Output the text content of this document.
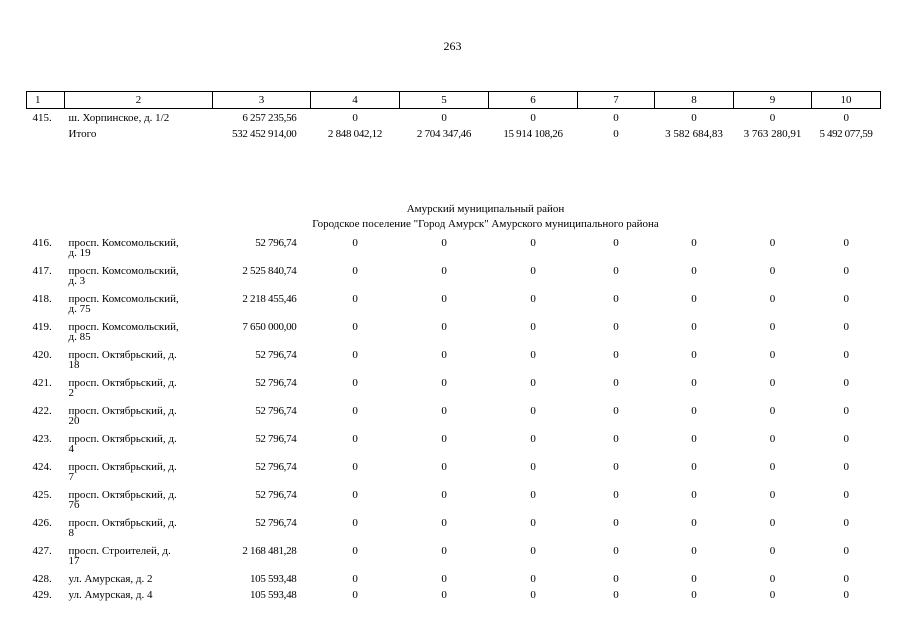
263
1	2	3	4	5	6	7	8	9	10
415.	ш. Хорпинское, д. 1/2	6 257 235,56	0	0	0	0	0	0	0
	Итого	532 452 914,00	2 848 042,12	2 704 347,46	15 914 108,26	0	3 582 684,83	3 763 280,91	5 492 077,59

Амурский муниципальный район									
Городское поселение "Город Амурск" Амурского муниципального района									

416.	просп. Комсомольский,
д. 19	52 796,74	0	0	0	0	0	0	0
417.	просп. Комсомольский,
д. 3	2 525 840,74	0	0	0	0	0	0	0
418.	просп. Комсомольский,
д. 75	2 218 455,46	0	0	0	0	0	0	0
419.	просп. Комсомольский,
д. 85	7 650 000,00	0	0	0	0	0	0	0
420.	просп. Октябрьский, д.
18	52 796,74	0	0	0	0	0	0	0
421.	просп. Октябрьский, д.
2	52 796,74	0	0	0	0	0	0	0
422.	просп. Октябрьский, д.
20	52 796,74	0	0	0	0	0	0	0
423.	просп. Октябрьский, д.
4	52 796,74	0	0	0	0	0	0	0
424.	просп. Октябрьский, д.
7	52 796,74	0	0	0	0	0	0	0
425.	просп. Октябрьский, д.
7б	52 796,74	0	0	0	0	0	0	0
426.	просп. Октябрьский, д.
8	52 796,74	0	0	0	0	0	0	0
427.	просп. Строителей, д.
17	2 168 481,28	0	0	0	0	0	0	0
428.	ул. Амурская, д. 2	105 593,48	0	0	0	0	0	0	0
429.	ул. Амурская, д. 4	105 593,48	0	0	0	0	0	0	0
